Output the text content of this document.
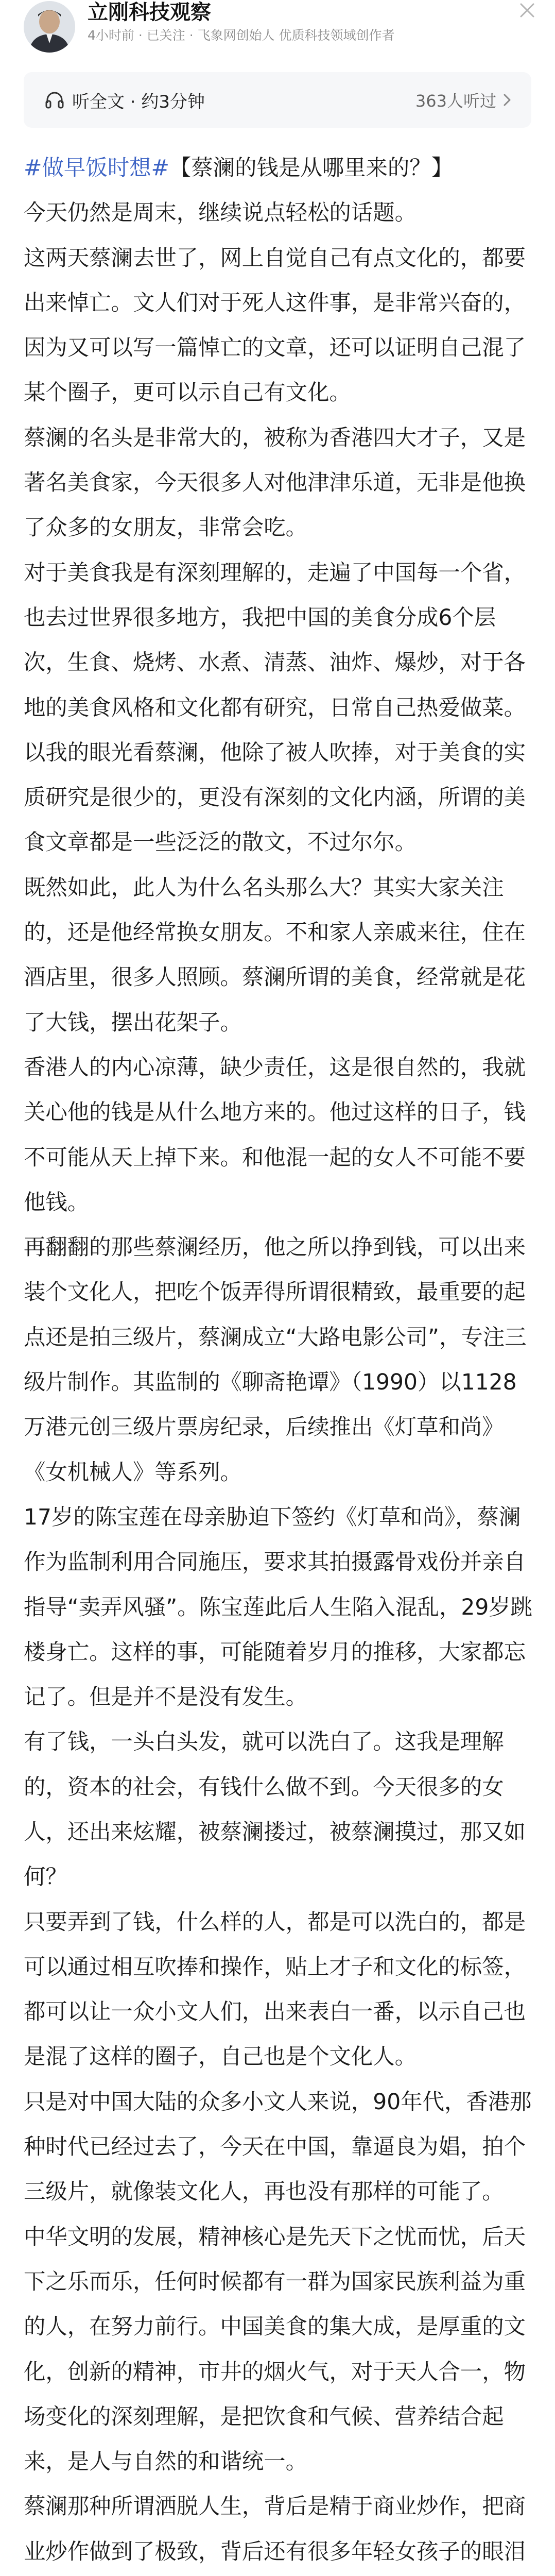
立刚科技观察
4小时前 · 已关注 · 飞象网创始人 优质科技领域创作者
听全文 · 约3分钟	363人听过

#做早饭时想#【蔡澜的钱是从哪里来的？】

今天仍然是周末，继续说点轻松的话题。

这两天蔡澜去世了，网上自觉自己有点文化的，都要出来悼亡。文人们对于死人这件事，是非常兴奋的，因为又可以写一篇悼亡的文章，还可以证明自己混了某个圈子，更可以示自己有文化。

蔡澜的名头是非常大的，被称为香港四大才子，又是著名美食家，今天很多人对他津津乐道，无非是他换了众多的女朋友，非常会吃。

对于美食我是有深刻理解的，走遍了中国每一个省，也去过世界很多地方，我把中国的美食分成6个层次，生食、烧烤、水煮、清蒸、油炸、爆炒，对于各地的美食风格和文化都有研究，日常自己热爱做菜。

以我的眼光看蔡澜，他除了被人吹捧，对于美食的实质研究是很少的，更没有深刻的文化内涵，所谓的美食文章都是一些泛泛的散文，不过尔尔。

既然如此，此人为什么名头那么大？其实大家关注的，还是他经常换女朋友。不和家人亲戚来往，住在酒店里，很多人照顾。蔡澜所谓的美食，经常就是花了大钱，摆出花架子。

香港人的内心凉薄，缺少责任，这是很自然的，我就关心他的钱是从什么地方来的。他过这样的日子，钱不可能从天上掉下来。和他混一起的女人不可能不要他钱。

再翻翻的那些蔡澜经历，他之所以挣到钱，可以出来装个文化人，把吃个饭弄得所谓很精致，最重要的起点还是拍三级片，蔡澜成立“大路电影公司”，专注三级片制作。其监制的《聊斋艳谭》（1990）以1128万港元创三级片票房纪录，后续推出《灯草和尚》《女机械人》等系列。

17岁的陈宝莲在母亲胁迫下签约《灯草和尚》，蔡澜作为监制利用合同施压，要求其拍摄露骨戏份并亲自指导“卖弄风骚”。陈宝莲此后人生陷入混乱，29岁跳楼身亡。这样的事，可能随着岁月的推移，大家都忘记了。但是并不是没有发生。

有了钱，一头白头发，就可以洗白了。这我是理解的，资本的社会，有钱什么做不到。今天很多的女人，还出来炫耀，被蔡澜搂过，被蔡澜摸过，那又如何？

只要弄到了钱，什么样的人，都是可以洗白的，都是可以通过相互吹捧和操作，贴上才子和文化的标签，都可以让一众小文人们，出来表白一番，以示自己也是混了这样的圈子，自己也是个文化人。

只是对中国大陆的众多小文人来说，90年代，香港那种时代已经过去了，今天在中国，靠逼良为娼，拍个三级片，就像装文化人，再也没有那样的可能了。

中华文明的发展，精神核心是先天下之忧而忧，后天下之乐而乐，任何时候都有一群为国家民族利益为重的人，在努力前行。中国美食的集大成，是厚重的文化，创新的精神，市井的烟火气，对于天人合一，物场变化的深刻理解，是把饮食和气候、营养结合起来，是人与自然的和谐统一。

蔡澜那种所谓洒脱人生，背后是精于商业炒作，把商业炒作做到了极致，背后还有很多年轻女孩子的眼泪
